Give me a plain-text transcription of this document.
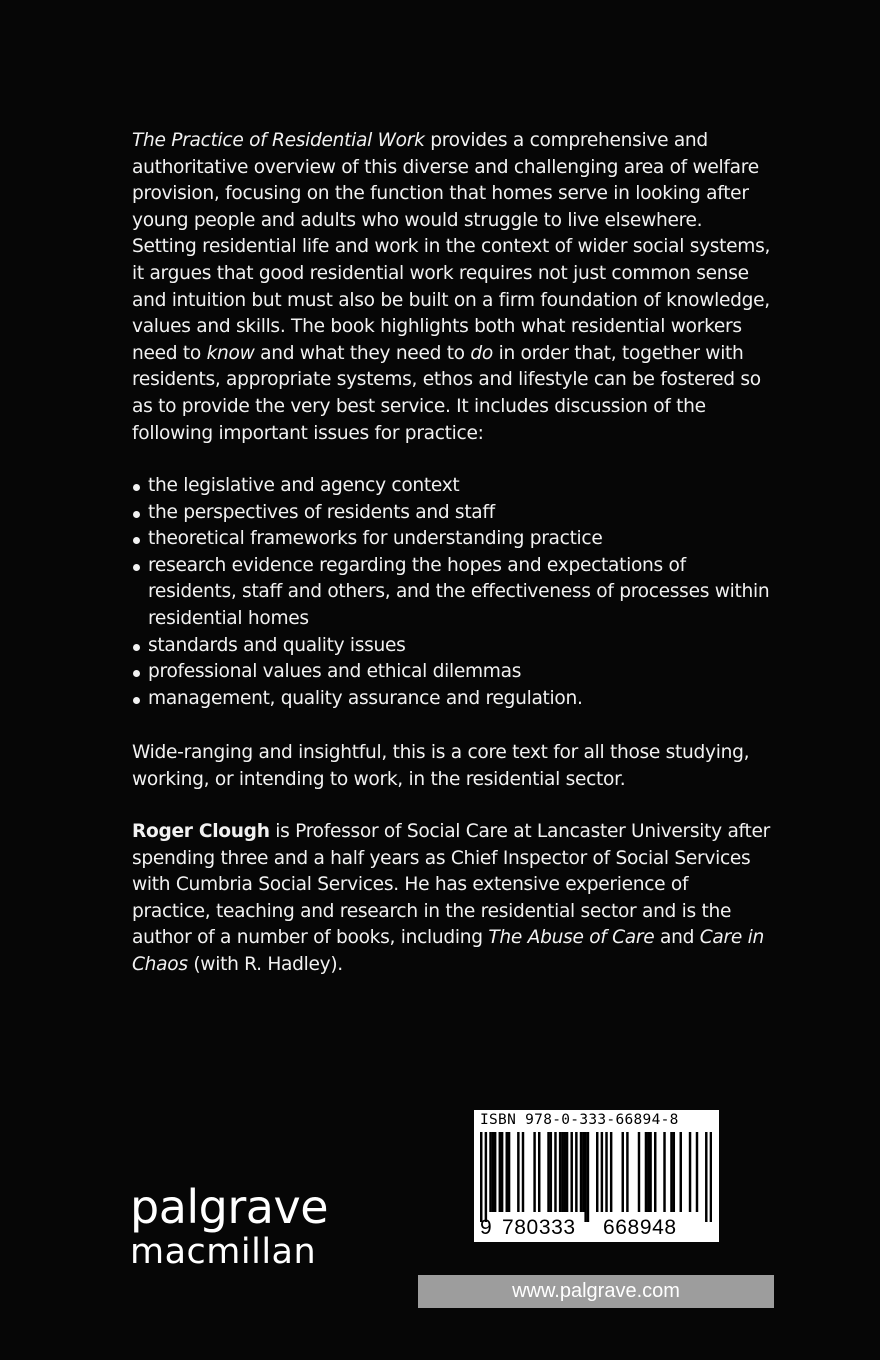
The Practice of Residential Work provides a comprehensive and authoritative overview of this diverse and challenging area of welfare provision, focusing on the function that homes serve in looking after young people and adults who would struggle to live elsewhere. Setting residential life and work in the context of wider social systems, it argues that good residential work requires not just common sense and intuition but must also be built on a firm foundation of knowledge, values and skills. The book highlights both what residential workers need to know and what they need to do in order that, together with residents, appropriate systems, ethos and lifestyle can be fostered so as to provide the very best service. It includes discussion of the following important issues for practice:

the legislative and agency context
the perspectives of residents and staff
theoretical frameworks for understanding practice
research evidence regarding the hopes and expectations of residents, staff and others, and the effectiveness of processes within residential homes
standards and quality issues
professional values and ethical dilemmas
management, quality assurance and regulation.

Wide-ranging and insightful, this is a core text for all those studying, working, or intending to work, in the residential sector.

Roger Clough is Professor of Social Care at Lancaster University after spending three and a half years as Chief Inspector of Social Services with Cumbria Social Services. He has extensive experience of practice, teaching and research in the residential sector and is the author of a number of books, including The Abuse of Care and Care in Chaos (with R. Hadley).

palgrave
macmillan
ISBN 978-0-333-66894-8
9 780333 668948
www.palgrave.com
